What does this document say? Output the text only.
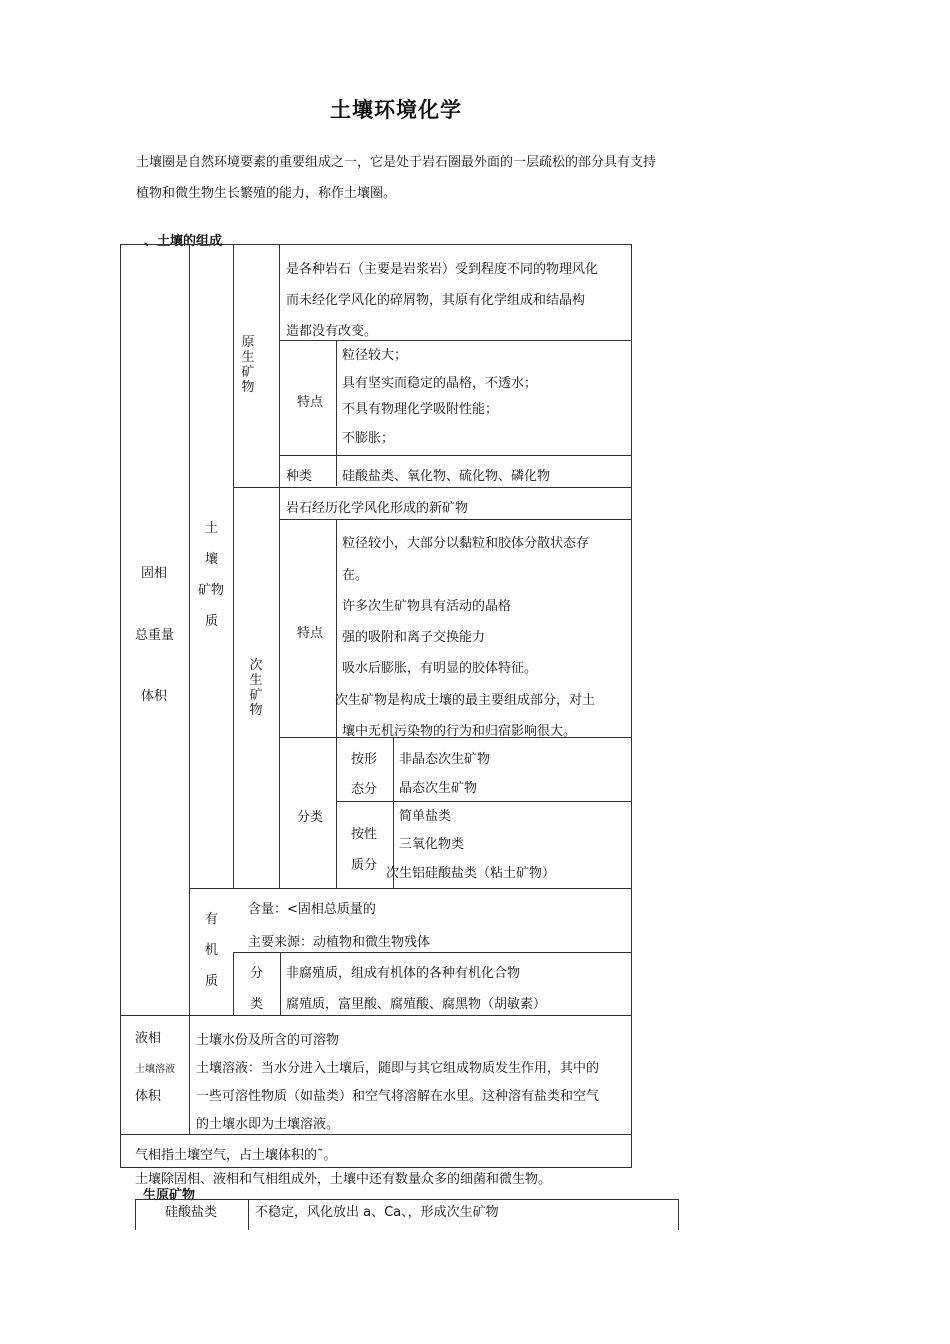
土壤环境化学
土壤圈是自然环境要素的重要组成之一，它是处于岩石圈最外面的一层疏松的部分具有支持
植物和微生物生长繁殖的能力，称作土壤圈。
、土壤的组成
固相
总重量
体积
土
壤
矿物
质
原生矿物
是各种岩石（主要是岩浆岩）受到程度不同的物理风化
而未经化学风化的碎屑物，其原有化学组成和结晶构
造都没有改变。
特点
粒径较大；
具有坚实而稳定的晶格，不透水；
不具有物理化学吸附性能；
不膨胀；
种类 硅酸盐类、氧化物、硫化物、磷化物
次生矿物
岩石经历化学风化形成的新矿物
特点
粒径较小，大部分以黏粒和胶体分散状态存
在。
许多次生矿物具有活动的晶格
强的吸附和离子交换能力
吸水后膨胀，有明显的胶体特征。
次生矿物是构成土壤的最主要组成部分，对土
壤中无机污染物的行为和归宿影响很大。
分类
按形
态分
非晶态次生矿物
晶态次生矿物
按性
质分
简单盐类
三氧化物类
次生铝硅酸盐类（粘土矿物）
有
机
质
含量：<固相总质量的
主要来源：动植物和微生物残体
分
类
非腐殖质，组成有机体的各种有机化合物
腐殖质，富里酸、腐殖酸、腐黑物（胡敏素）
液相
土壤溶液
体积
土壤水份及所含的可溶物
土壤溶液：当水分进入土壤后，随即与其它组成物质发生作用，其中的
一些可溶性物质（如盐类）和空气将溶解在水里。这种溶有盐类和空气
的土壤水即为土壤溶液。
气相指土壤空气，占土壤体积的˜。
土壤除固相、液相和气相组成外，土壤中还有数量众多的细菌和微生物。
生原矿物
硅酸盐类	不稳定，风化放出 a、Ca、，形成次生矿物
